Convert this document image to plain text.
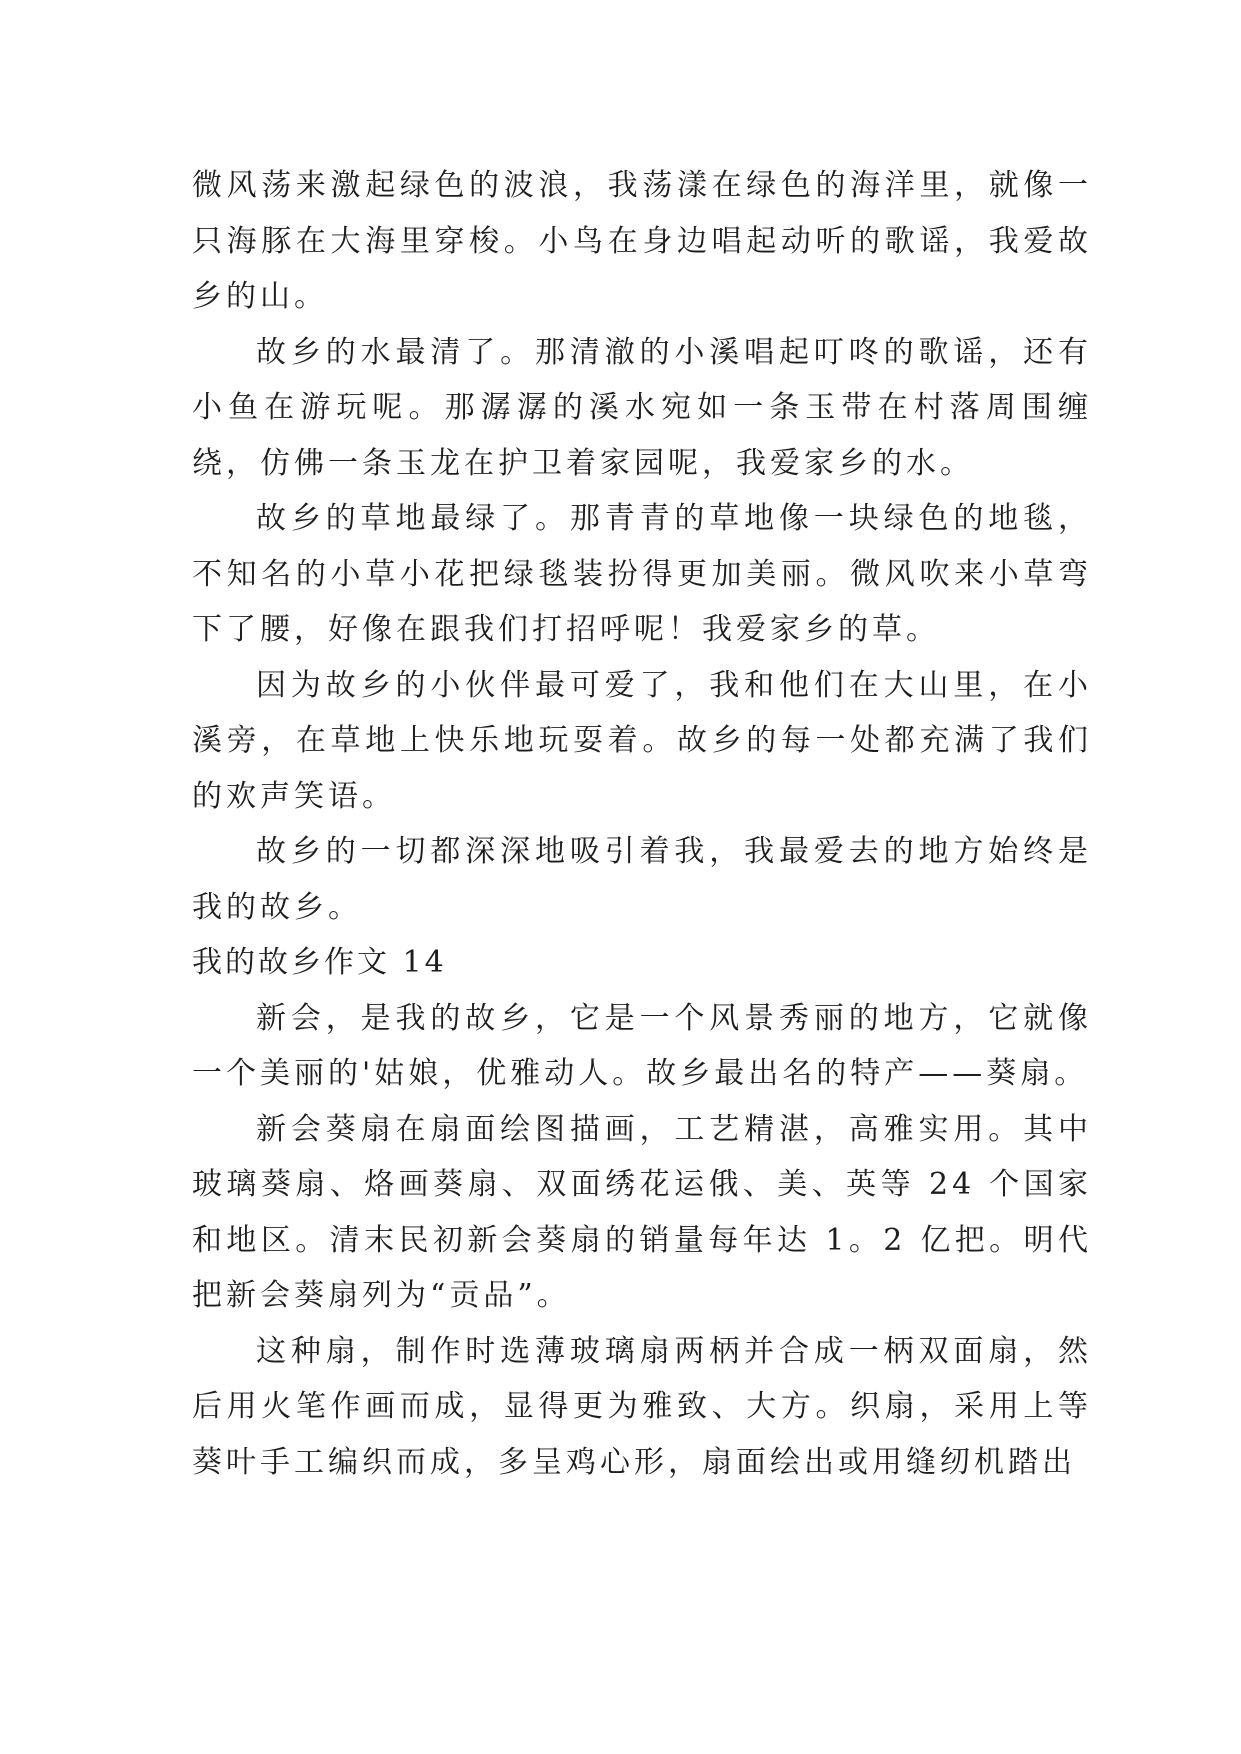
微风荡来激起绿色的波浪，我荡漾在绿色的海洋里，就像一只海豚在大海里穿梭。小鸟在身边唱起动听的歌谣，我爱故乡的山。

故乡的水最清了。那清澈的小溪唱起叮咚的歌谣，还有小鱼在游玩呢。那潺潺的溪水宛如一条玉带在村落周围缠绕，仿佛一条玉龙在护卫着家园呢，我爱家乡的水。

故乡的草地最绿了。那青青的草地像一块绿色的地毯，不知名的小草小花把绿毯装扮得更加美丽。微风吹来小草弯下了腰，好像在跟我们打招呼呢！我爱家乡的草。

因为故乡的小伙伴最可爱了，我和他们在大山里，在小溪旁，在草地上快乐地玩耍着。故乡的每一处都充满了我们的欢声笑语。

故乡的一切都深深地吸引着我，我最爱去的地方始终是我的故乡。

我的故乡作文 14

新会，是我的故乡，它是一个风景秀丽的地方，它就像一个美丽的'姑娘，优雅动人。故乡最出名的特产——葵扇。

新会葵扇在扇面绘图描画，工艺精湛，高雅实用。其中玻璃葵扇、烙画葵扇、双面绣花运俄、美、英等 24 个国家和地区。清末民初新会葵扇的销量每年达 1。2 亿把。明代把新会葵扇列为“贡品”。

这种扇，制作时选薄玻璃扇两柄并合成一柄双面扇，然后用火笔作画而成，显得更为雅致、大方。织扇，采用上等葵叶手工编织而成，多呈鸡心形，扇面绘出或用缝纫机踏出
